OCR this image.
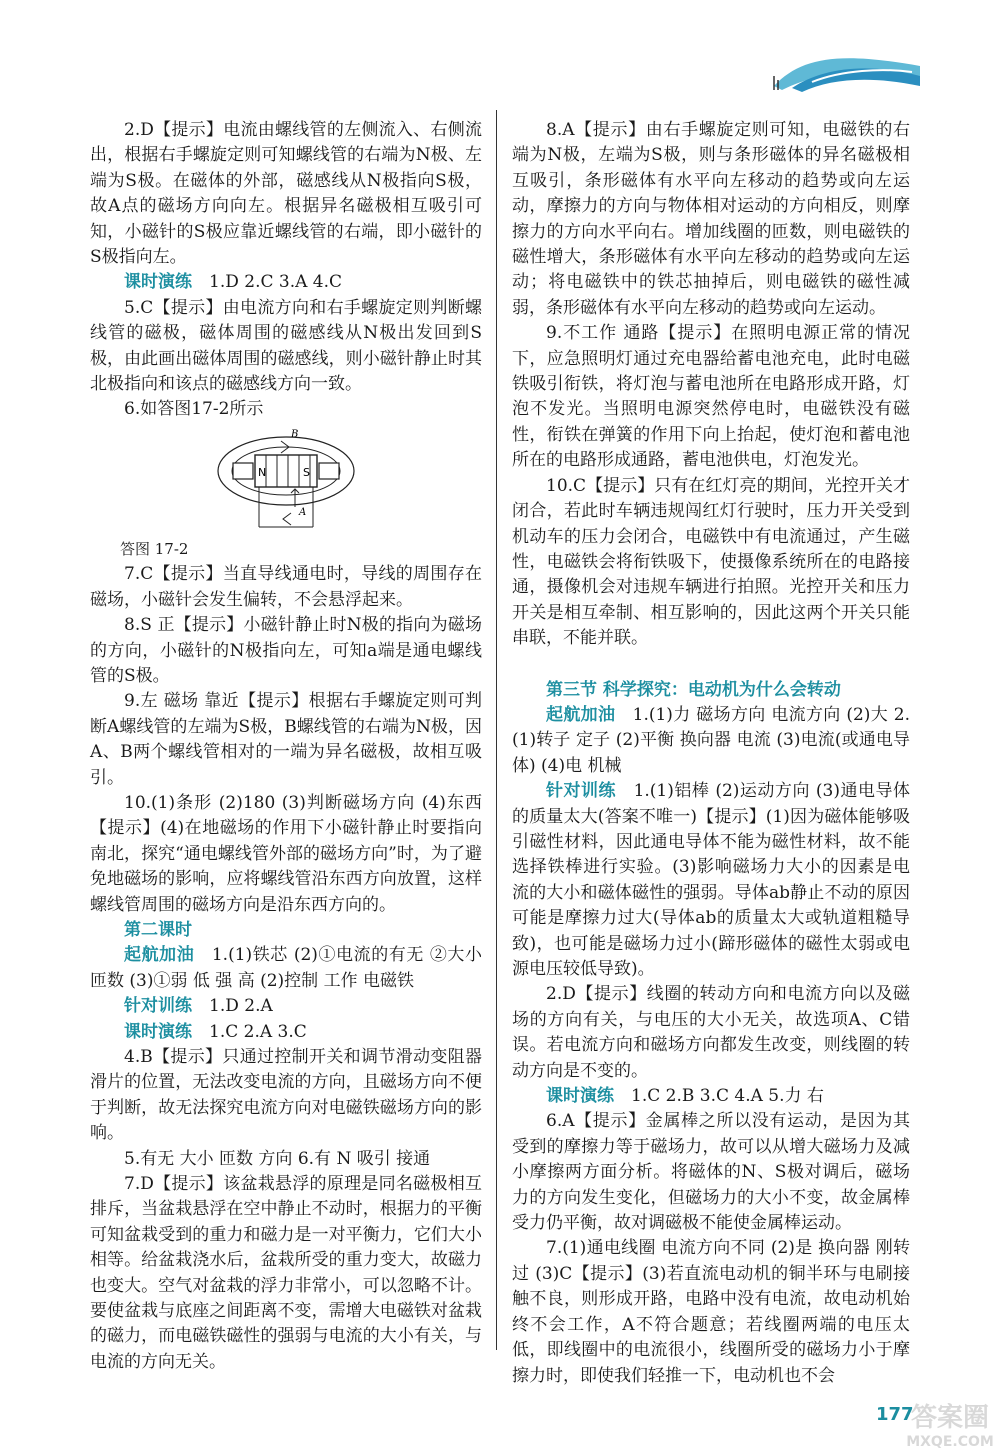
2.D【提示】电流由螺线管的左侧流入、右侧流出，根据右手螺旋定则可知螺线管的右端为N极、左端为S极。在磁体的外部，磁感线从N极指向S极，故A点的磁场方向向左。根据异名磁极相互吸引可知，小磁针的S极应靠近螺线管的右端，即小磁针的S极指向左。

课时演练　 1.D 2.C 3.A 4.C

5.C【提示】由电流方向和右手螺旋定则判断螺线管的磁极，磁体周围的磁感线从N极出发回到S极，由此画出磁体周围的磁感线，则小磁针静止时其北极指向和该点的磁感线方向一致。

6.如答图17-2所示

B
A
N	S

答图 17-2

7.C【提示】当直导线通电时，导线的周围存在磁场，小磁针会发生偏转，不会悬浮起来。

8.S 正【提示】小磁针静止时N极的指向为磁场的方向，小磁针的N极指向左，可知a端是通电螺线管的S极。

9.左 磁场 靠近【提示】根据右手螺旋定则可判断A螺线管的左端为S极，B螺线管的右端为N极，因A、B两个螺线管相对的一端为异名磁极，故相互吸引。

10.(1)条形 (2)180 (3)判断磁场方向 (4)东西【提示】(4)在地磁场的作用下小磁针静止时要指向南北，探究“通电螺线管外部的磁场方向”时，为了避免地磁场的影响，应将螺线管沿东西方向放置，这样螺线管周围的磁场方向是沿东西方向的。

第二课时

起航加油　 1.(1)铁芯 (2)①电流的有无 ②大小 匝数 (3)①弱 低 强 高 (2)控制 工作 电磁铁

针对训练　 1.D 2.A

课时演练　 1.C 2.A 3.C

4.B【提示】只通过控制开关和调节滑动变阻器滑片的位置，无法改变电流的方向，且磁场方向不便于判断，故无法探究电流方向对电磁铁磁场方向的影响。

5.有无 大小 匝数 方向 6.有 N 吸引 接通

7.D【提示】该盆栽悬浮的原理是同名磁极相互排斥，当盆栽悬浮在空中静止不动时，根据力的平衡可知盆栽受到的重力和磁力是一对平衡力，它们大小相等。给盆栽浇水后，盆栽所受的重力变大，故磁力也变大。空气对盆栽的浮力非常小，可以忽略不计。要使盆栽与底座之间距离不变，需增大电磁铁对盆栽的磁力，而电磁铁磁性的强弱与电流的大小有关，与电流的方向无关。

8.A【提示】由右手螺旋定则可知，电磁铁的右端为N极，左端为S极，则与条形磁体的异名磁极相互吸引，条形磁体有水平向左移动的趋势或向左运动，摩擦力的方向与物体相对运动的方向相反，则摩擦力的方向水平向右。增加线圈的匝数，则电磁铁的磁性增大，条形磁体有水平向左移动的趋势或向左运动；将电磁铁中的铁芯抽掉后，则电磁铁的磁性减弱，条形磁体有水平向左移动的趋势或向左运动。

9.不工作 通路【提示】在照明电源正常的情况下，应急照明灯通过充电器给蓄电池充电，此时电磁铁吸引衔铁，将灯泡与蓄电池所在电路形成开路，灯泡不发光。当照明电源突然停电时，电磁铁没有磁性，衔铁在弹簧的作用下向上抬起，使灯泡和蓄电池所在的电路形成通路，蓄电池供电，灯泡发光。

10.C【提示】只有在红灯亮的期间，光控开关才闭合，若此时车辆违规闯红灯行驶时，压力开关受到机动车的压力会闭合，电磁铁中有电流通过，产生磁性，电磁铁会将衔铁吸下，使摄像系统所在的电路接通，摄像机会对违规车辆进行拍照。光控开关和压力开关是相互牵制、相互影响的，因此这两个开关只能串联，不能并联。

第三节 科学探究：电动机为什么会转动

起航加油　 1.(1)力 磁场方向 电流方向 (2)大 2.(1)转子 定子 (2)平衡 换向器 电流 (3)电流(或通电导体) (4)电 机械

针对训练　 1.(1)铝棒 (2)运动方向 (3)通电导体的质量太大(答案不唯一)【提示】(1)因为磁体能够吸引磁性材料，因此通电导体不能为磁性材料，故不能选择铁棒进行实验。(3)影响磁场力大小的因素是电流的大小和磁体磁性的强弱。导体ab静止不动的原因可能是摩擦力过大(导体ab的质量太大或轨道粗糙导致)，也可能是磁场力过小(蹄形磁体的磁性太弱或电源电压较低导致)。

2.D【提示】线圈的转动方向和电流方向以及磁场的方向有关，与电压的大小无关，故选项A、C错误。若电流方向和磁场方向都发生改变，则线圈的转动方向是不变的。

课时演练　 1.C 2.B 3.C 4.A 5.力 右

6.A【提示】金属棒之所以没有运动，是因为其受到的摩擦力等于磁场力，故可以从增大磁场力及减小摩擦两方面分析。将磁体的N、S极对调后，磁场力的方向发生变化，但磁场力的大小不变，故金属棒受力仍平衡，故对调磁极不能使金属棒运动。

7.(1)通电线圈 电流方向不同 (2)是 换向器 刚转过 (3)C【提示】(3)若直流电动机的铜半环与电刷接触不良，则形成开路，电路中没有电流，故电动机始终不会工作，A不符合题意；若线圈两端的电压太低，即线圈中的电流很小，线圈所受的磁场力小于摩擦力时，即使我们轻推一下，电动机也不会

177
答案圈
MXQE.COM
